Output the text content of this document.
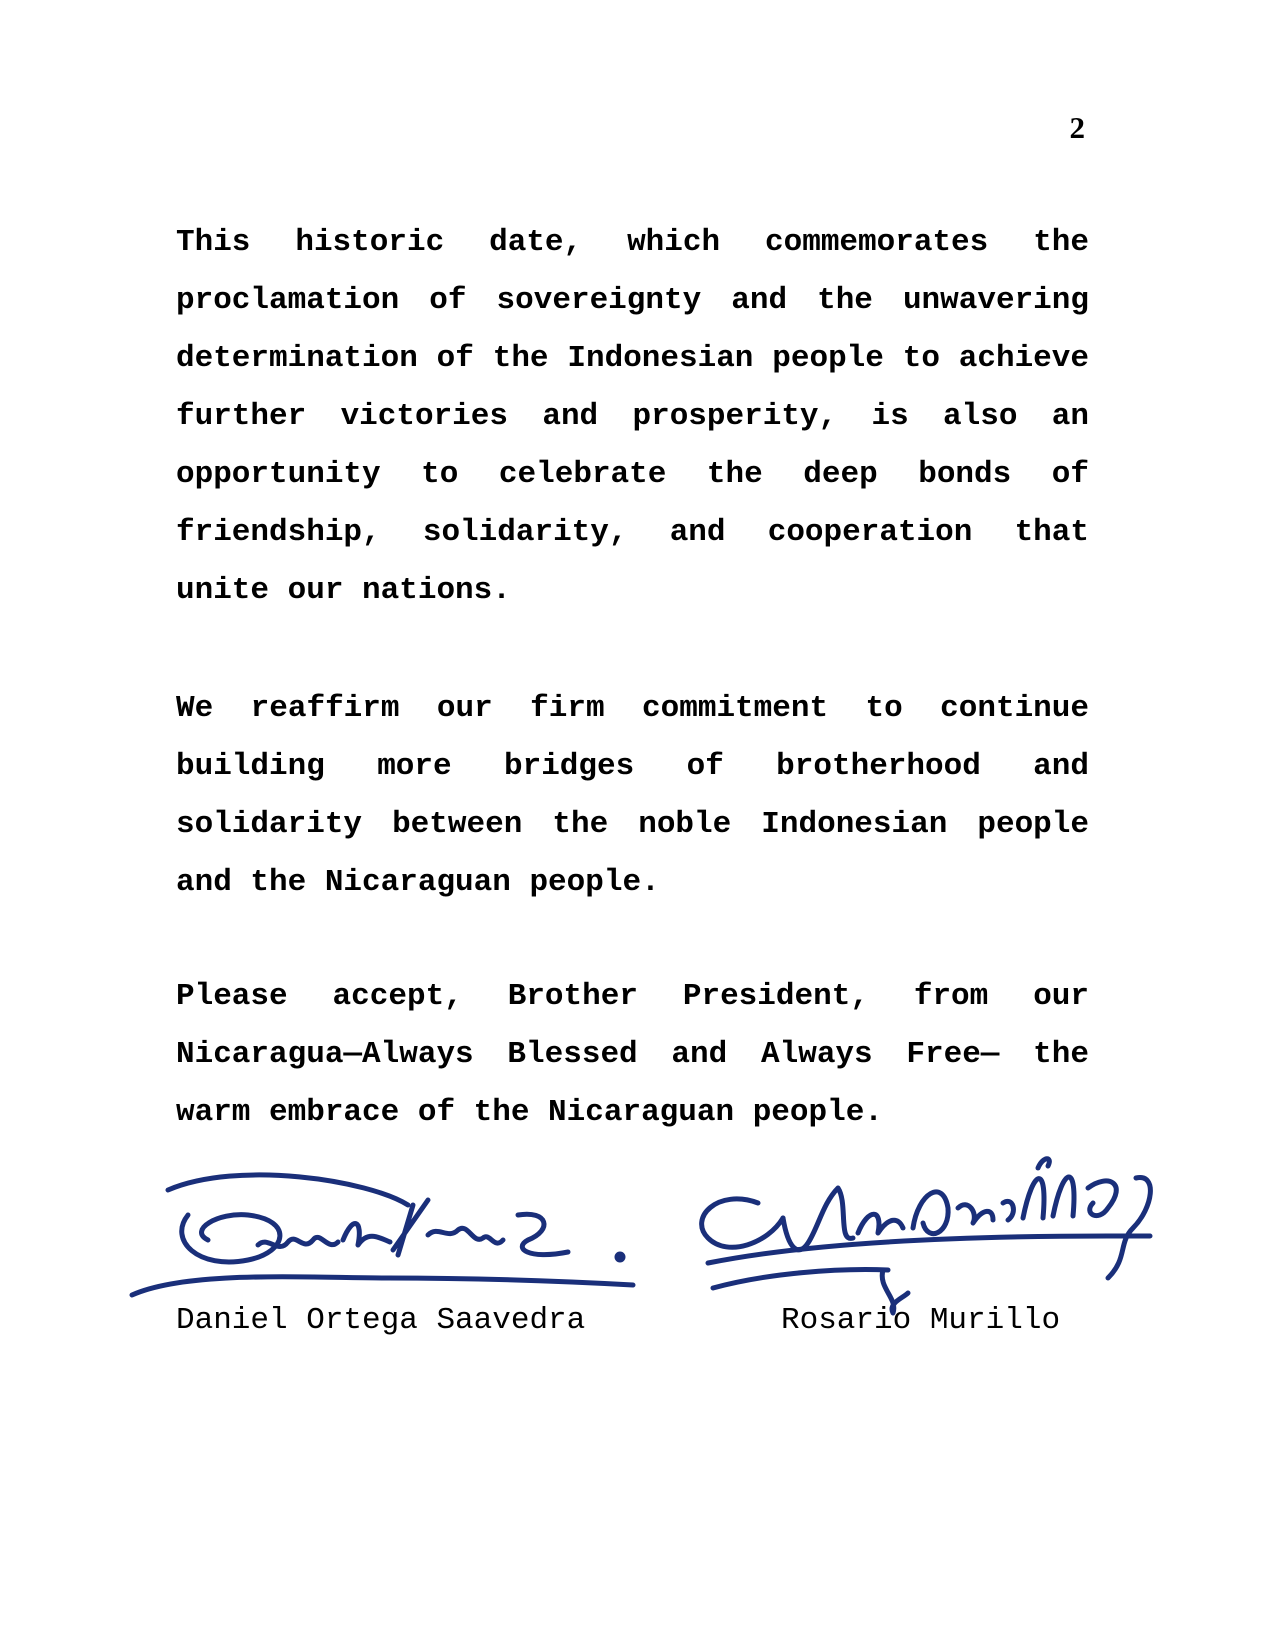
2

This historic date, which commemorates the proclamation of sovereignty and the unwavering determination of the Indonesian people to achieve further victories and prosperity, is also an opportunity to celebrate the deep bonds of friendship, solidarity, and cooperation that unite our nations.

We reaffirm our firm commitment to continue building more bridges of brotherhood and solidarity between the noble Indonesian people and the Nicaraguan people.

Please accept, Brother President, from our Nicaragua—Always Blessed and Always Free— the warm embrace of the Nicaraguan people.

Daniel Ortega Saavedra	Rosario Murillo
